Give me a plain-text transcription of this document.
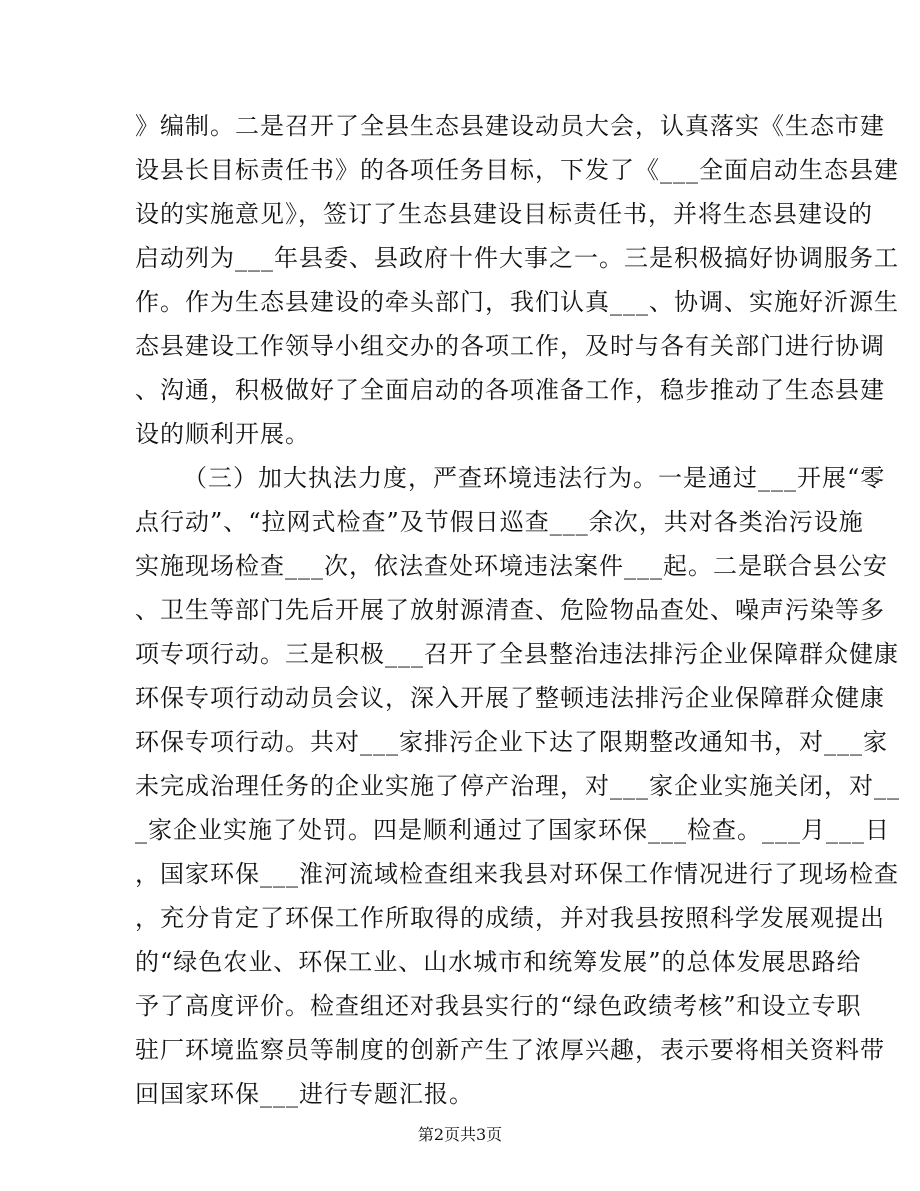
》编制。二是召开了全县生态县建设动员大会，认真落实《生态市建
设县长目标责任书》的各项任务目标，下发了《___全面启动生态县建
设的实施意见》，签订了生态县建设目标责任书，并将生态县建设的
启动列为___年县委、县政府十件大事之一。三是积极搞好协调服务工
作。作为生态县建设的牵头部门，我们认真___、协调、实施好沂源生
态县建设工作领导小组交办的各项工作，及时与各有关部门进行协调
、沟通，积极做好了全面启动的各项准备工作，稳步推动了生态县建
设的顺利开展。
（三）加大执法力度，严查环境违法行为。一是通过___开展“零
点行动”、“拉网式检查”及节假日巡查___余次，共对各类治污设施
实施现场检查___次，依法查处环境违法案件___起。二是联合县公安
、卫生等部门先后开展了放射源清查、危险物品查处、噪声污染等多
项专项行动。三是积极___召开了全县整治违法排污企业保障群众健康
环保专项行动动员会议，深入开展了整顿违法排污企业保障群众健康
环保专项行动。共对___家排污企业下达了限期整改通知书，对___家
未完成治理任务的企业实施了停产治理，对___家企业实施关闭，对__
_家企业实施了处罚。四是顺利通过了国家环保___检查。___月___日
，国家环保___淮河流域检查组来我县对环保工作情况进行了现场检查
，充分肯定了环保工作所取得的成绩，并对我县按照科学发展观提出
的“绿色农业、环保工业、山水城市和统筹发展”的总体发展思路给
予了高度评价。检查组还对我县实行的“绿色政绩考核”和设立专职
驻厂环境监察员等制度的创新产生了浓厚兴趣，表示要将相关资料带
回国家环保___进行专题汇报。
第2页共3页
